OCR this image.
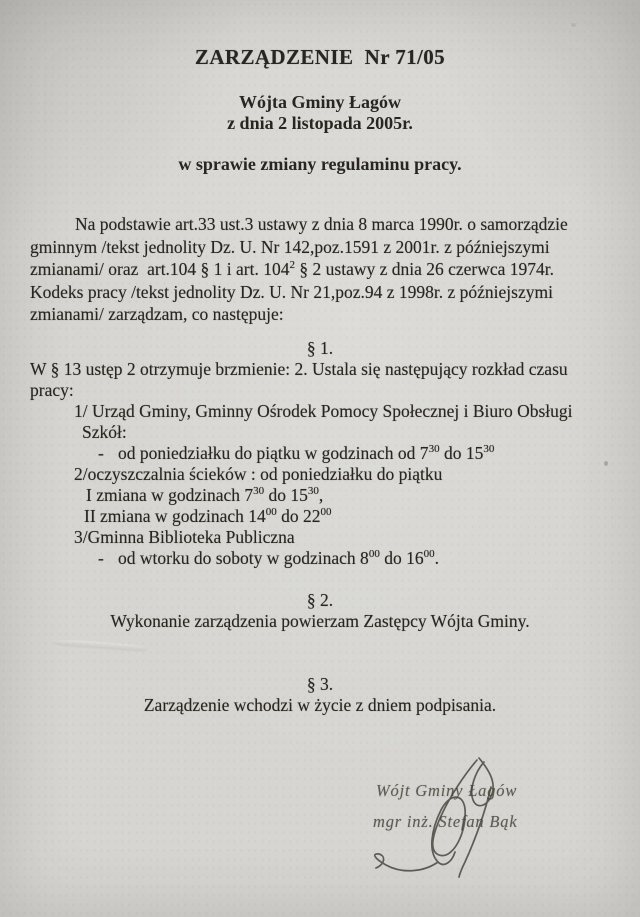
ZARZĄDZENIE  Nr 71/05
Wójta Gminy Łagów
z dnia 2 listopada 2005r.
w sprawie zmiany regulaminu pracy.
Na podstawie art.33 ust.3 ustawy z dnia 8 marca 1990r. o samorządzie
gminnym /tekst jednolity Dz. U. Nr 142,poz.1591 z 2001r. z późniejszymi
zmianami/ oraz  art.104 § 1 i art. $104^2$ § 2 ustawy z dnia 26 czerwca 1974r.
Kodeks pracy /tekst jednolity Dz. U. Nr 21,poz.94 z 1998r. z późniejszymi
zmianami/ zarządzam, co następuje:
§ 1.
W § 13 ustęp 2 otrzymuje brzmienie: 2. Ustala się następujący rozkład czasu
pracy:
1/ Urząd Gminy, Gminny Ośrodek Pomocy Społecznej i Biuro Obsługi
Szkół:
- od poniedziałku do piątku w godzinach od $7^{30}$ do $15^{30}$
2/oczyszczalnia ścieków : od poniedziałku do piątku
I zmiana w godzinach $7^{30}$ do $15^{30}$,
II zmiana w godzinach $14^{00}$ do $22^{00}$
3/Gminna Biblioteka Publiczna
- od wtorku do soboty w godzinach $8^{00}$ do $16^{00}$.
§ 2.
Wykonanie zarządzenia powierzam Zastępcy Wójta Gminy.
§ 3.
Zarządzenie wchodzi w życie z dniem podpisania.
Wójt Gminy Łagów
mgr inż. Stefan Bąk
